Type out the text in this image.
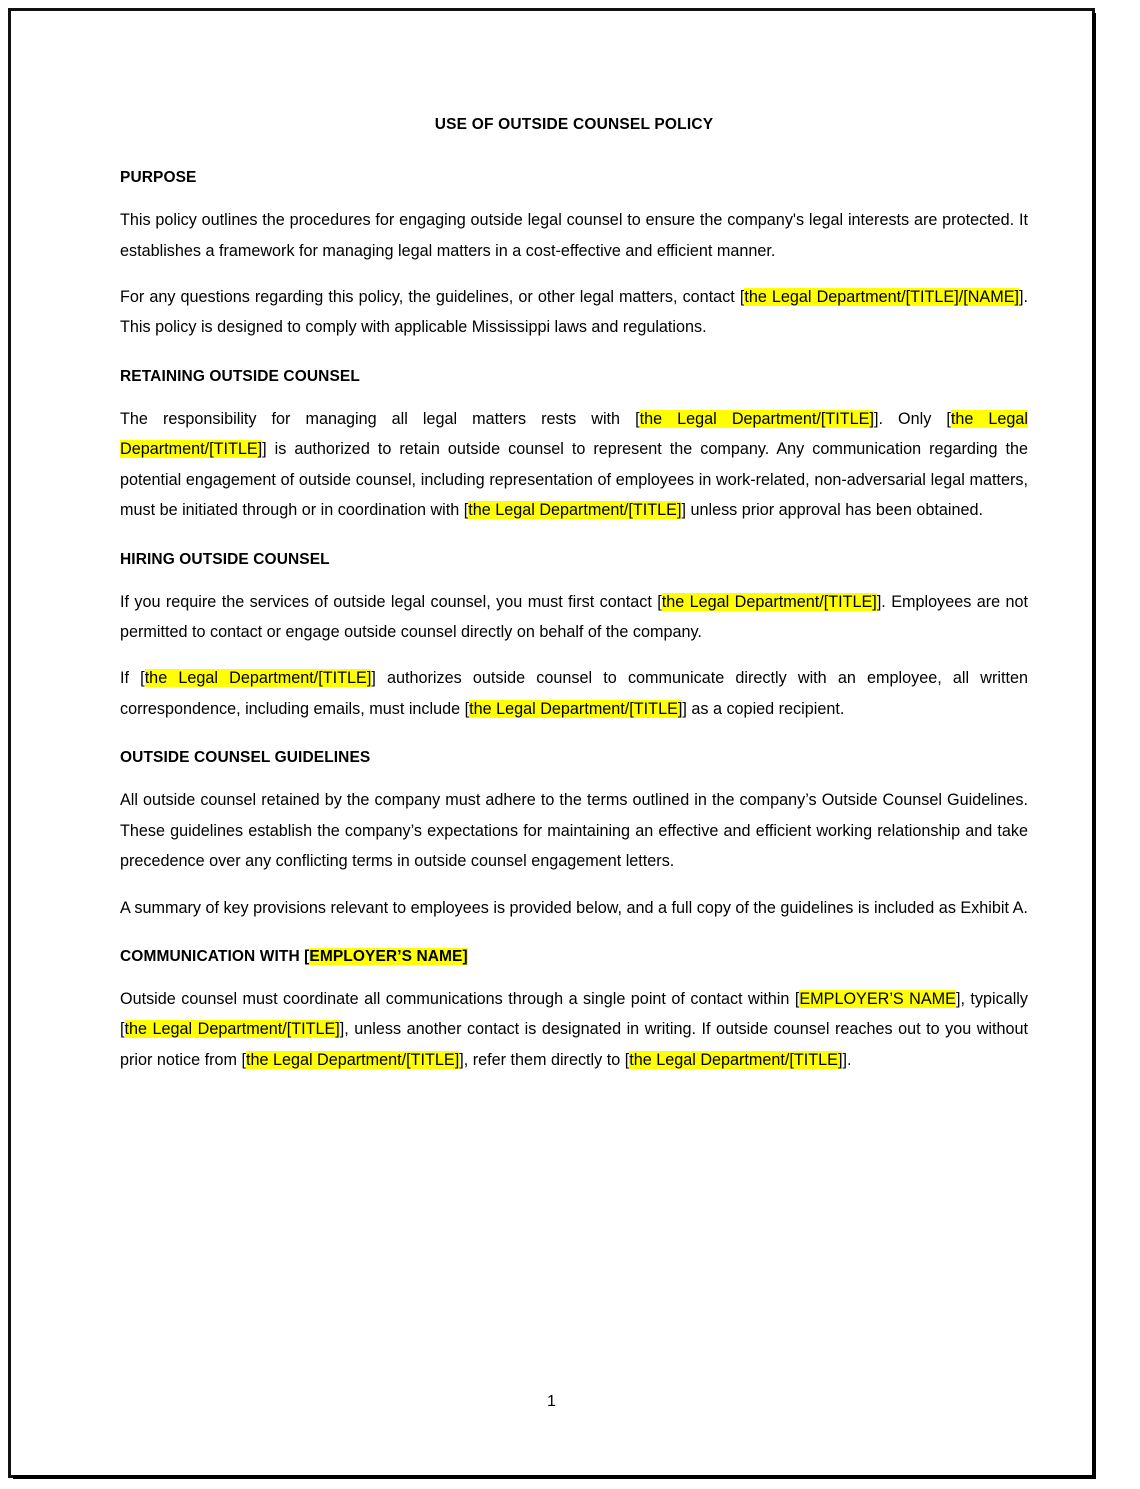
USE OF OUTSIDE COUNSEL POLICY
PURPOSE

This policy outlines the procedures for engaging outside legal counsel to ensure the company's legal interests are protected. It establishes a framework for managing legal matters in a cost-effective and efficient manner.

For any questions regarding this policy, the guidelines, or other legal matters, contact [the Legal Department/[TITLE]/[NAME]]. This policy is designed to comply with applicable Mississippi laws and regulations.

RETAINING OUTSIDE COUNSEL

The responsibility for managing all legal matters rests with [the Legal Department/[TITLE]]. Only [the Legal Department/[TITLE]] is authorized to retain outside counsel to represent the company. Any communication regarding the potential engagement of outside counsel, including representation of employees in work-related, non-adversarial legal matters, must be initiated through or in coordination with [the Legal Department/[TITLE]] unless prior approval has been obtained.

HIRING OUTSIDE COUNSEL

If you require the services of outside legal counsel, you must first contact [the Legal Department/[TITLE]]. Employees are not permitted to contact or engage outside counsel directly on behalf of the company.

If [the Legal Department/[TITLE]] authorizes outside counsel to communicate directly with an employee, all written correspondence, including emails, must include [the Legal Department/[TITLE]] as a copied recipient.

OUTSIDE COUNSEL GUIDELINES

All outside counsel retained by the company must adhere to the terms outlined in the company’s Outside Counsel Guidelines. These guidelines establish the company’s expectations for maintaining an effective and efficient working relationship and take precedence over any conflicting terms in outside counsel engagement letters.

A summary of key provisions relevant to employees is provided below, and a full copy of the guidelines is included as Exhibit A.

COMMUNICATION WITH [EMPLOYER’S NAME]

Outside counsel must coordinate all communications through a single point of contact within [EMPLOYER’S NAME], typically [the Legal Department/[TITLE]], unless another contact is designated in writing. If outside counsel reaches out to you without prior notice from [the Legal Department/[TITLE]], refer them directly to [the Legal Department/[TITLE]].

1
